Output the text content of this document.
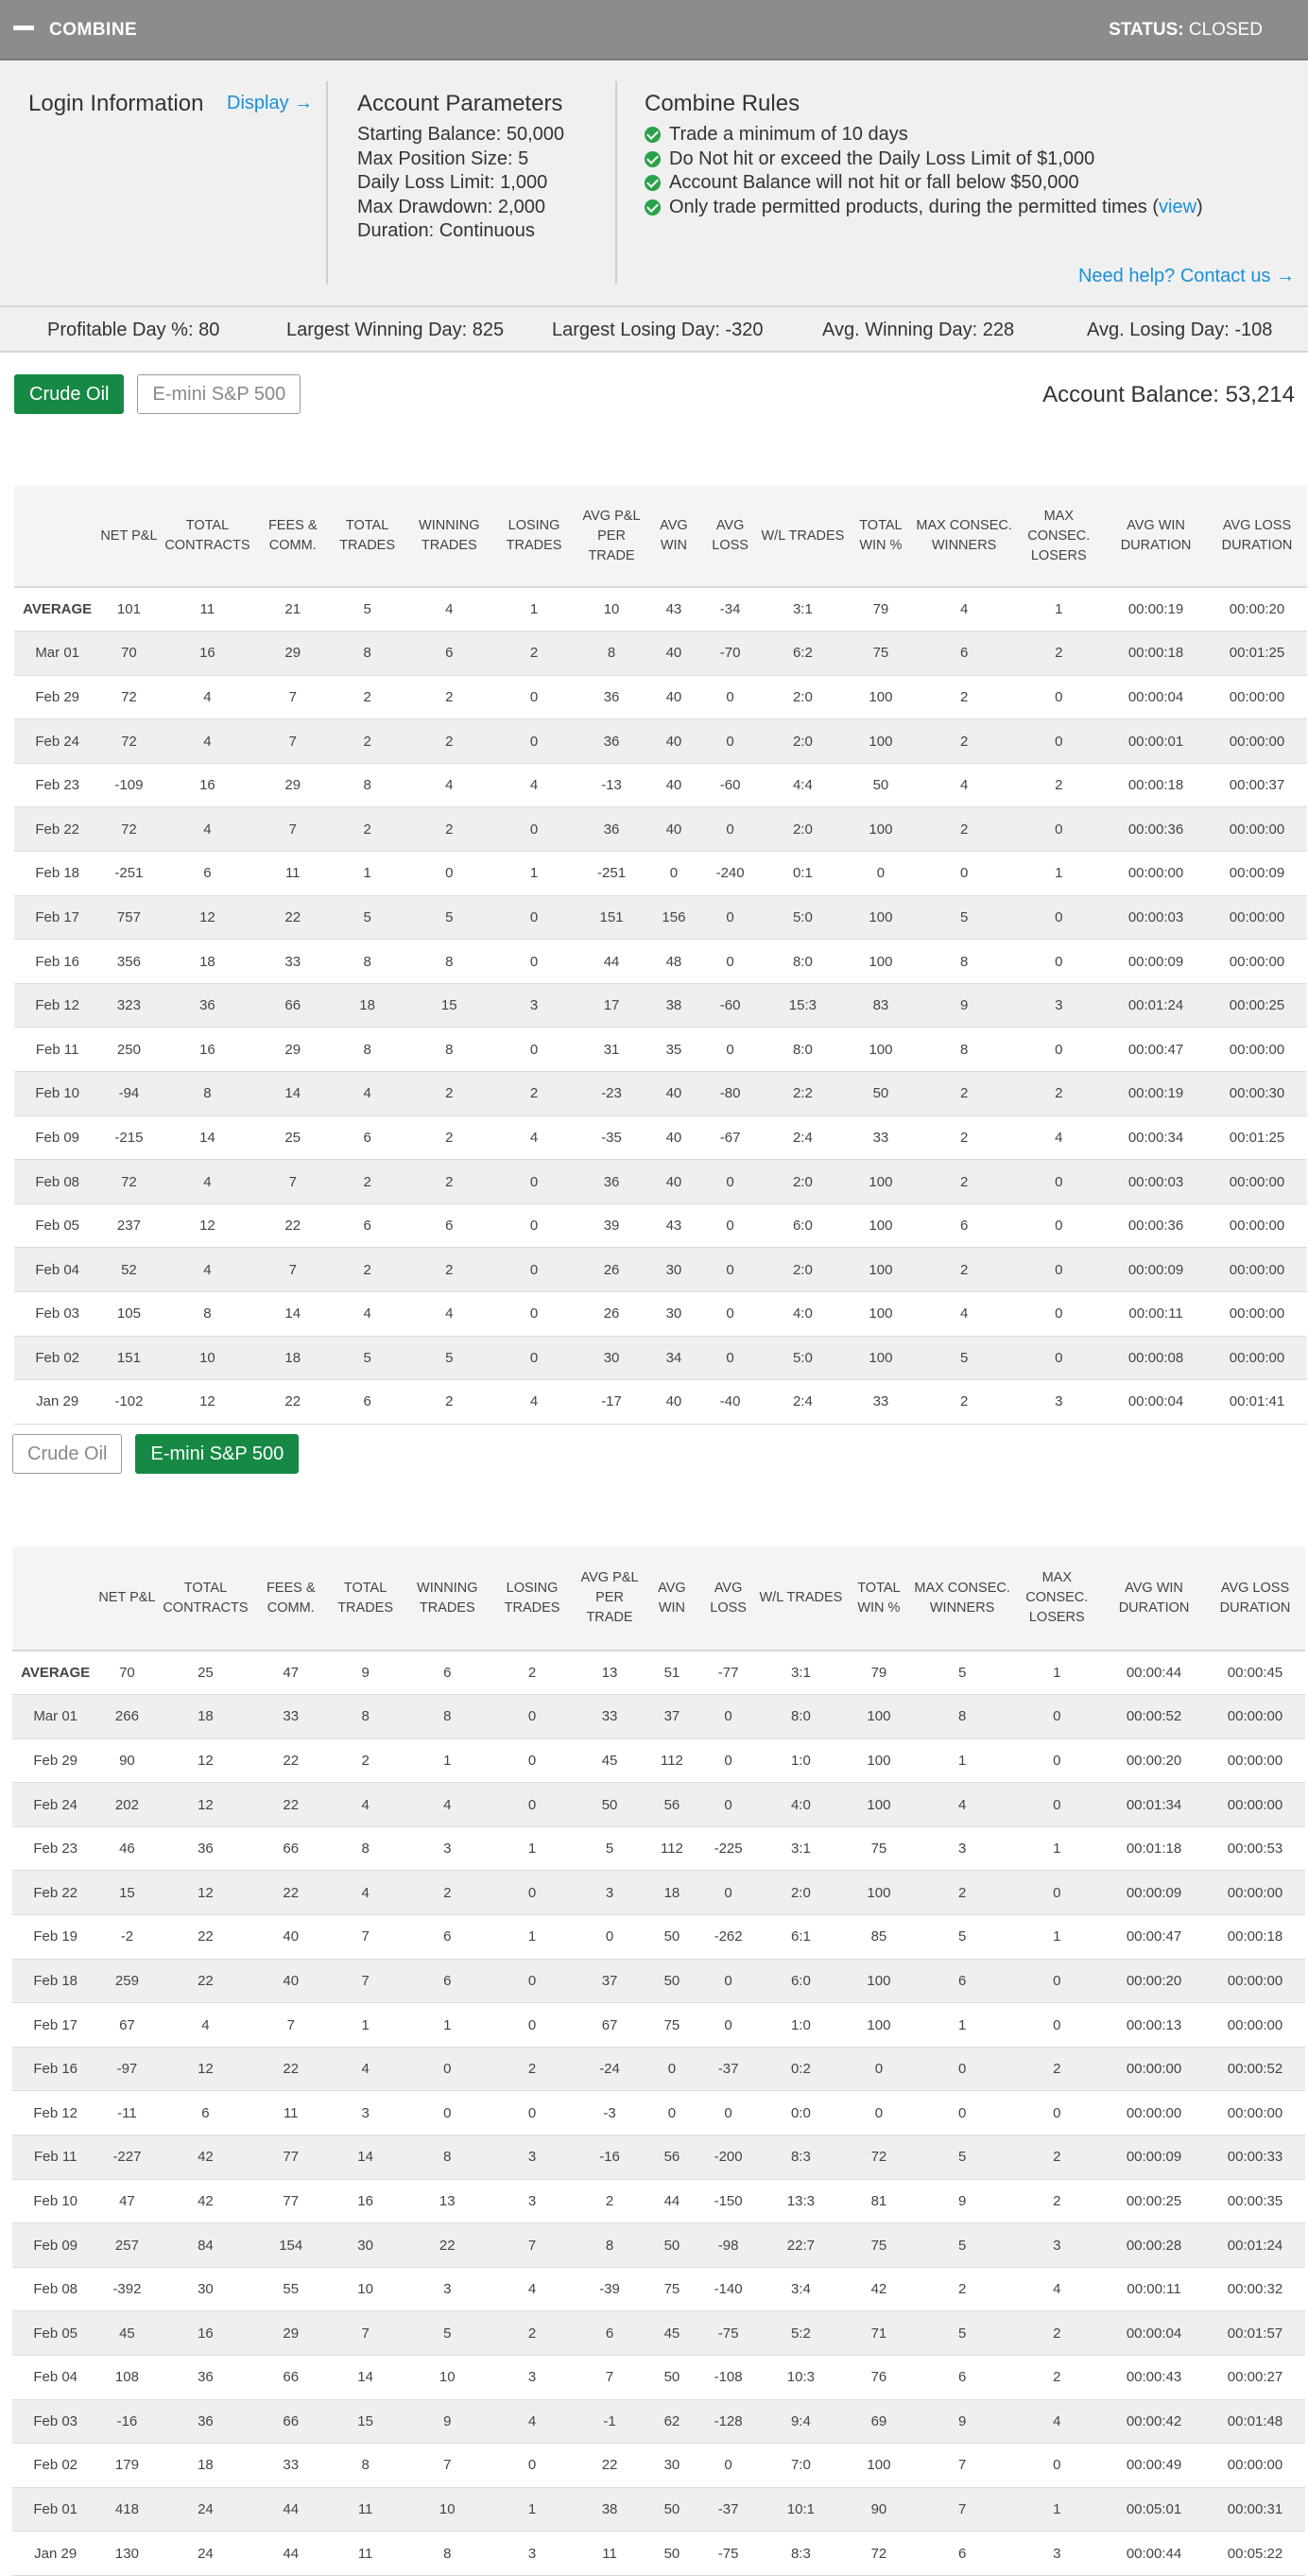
COMBINE	STATUS: CLOSED
Login Information	Display → Account Parameters
Starting Balance: 50,000
Max Position Size: 5
Daily Loss Limit: 1,000
Max Drawdown: 2,000
Duration: Continuous
Combine Rules
Trade a minimum of 10 days
Do Not hit or exceed the Daily Loss Limit of $1,000
Account Balance will not hit or fall below $50,000
Only trade permitted products, during the permitted times ( view )
Need help? Contact us →
Profitable Day %: 80	Largest Winning Day: 825	Largest Losing Day: -320	Avg. Winning Day: 228	Avg. Losing Day: -108
Crude Oil	E-mini S&P 500	Account Balance: 53,214
	NET P&L	TOTAL CONTRACTS	FEES & COMM.	TOTAL TRADES	WINNING TRADES	LOSING TRADES	AVG P&L PER TRADE	AVG WIN	AVG LOSS	W/L TRADES	TOTAL WIN %	MAX CONSEC. WINNERS	MAX CONSEC. LOSERS	AVG WIN DURATION	AVG LOSS DURATION
AVERAGE	101	11	21	5	4	1	10	43	-34	3:1	79	4	1	00:00:19	00:00:20
Mar 01	70	16	29	8	6	2	8	40	-70	6:2	75	6	2	00:00:18	00:01:25
Feb 29	72	4	7	2	2	0	36	40	0	2:0	100	2	0	00:00:04	00:00:00
Feb 24	72	4	7	2	2	0	36	40	0	2:0	100	2	0	00:00:01	00:00:00
Feb 23	-109	16	29	8	4	4	-13	40	-60	4:4	50	4	2	00:00:18	00:00:37
Feb 22	72	4	7	2	2	0	36	40	0	2:0	100	2	0	00:00:36	00:00:00
Feb 18	-251	6	11	1	0	1	-251	0	-240	0:1	0	0	1	00:00:00	00:00:09
Feb 17	757	12	22	5	5	0	151	156	0	5:0	100	5	0	00:00:03	00:00:00
Feb 16	356	18	33	8	8	0	44	48	0	8:0	100	8	0	00:00:09	00:00:00
Feb 12	323	36	66	18	15	3	17	38	-60	15:3	83	9	3	00:01:24	00:00:25
Feb 11	250	16	29	8	8	0	31	35	0	8:0	100	8	0	00:00:47	00:00:00
Feb 10	-94	8	14	4	2	2	-23	40	-80	2:2	50	2	2	00:00:19	00:00:30
Feb 09	-215	14	25	6	2	4	-35	40	-67	2:4	33	2	4	00:00:34	00:01:25
Feb 08	72	4	7	2	2	0	36	40	0	2:0	100	2	0	00:00:03	00:00:00
Feb 05	237	12	22	6	6	0	39	43	0	6:0	100	6	0	00:00:36	00:00:00
Feb 04	52	4	7	2	2	0	26	30	0	2:0	100	2	0	00:00:09	00:00:00
Feb 03	105	8	14	4	4	0	26	30	0	4:0	100	4	0	00:00:11	00:00:00
Feb 02	151	10	18	5	5	0	30	34	0	5:0	100	5	0	00:00:08	00:00:00
Jan 29	-102	12	22	6	2	4	-17	40	-40	2:4	33	2	3	00:00:04	00:01:41
Crude Oil	E-mini S&P 500
	NET P&L	TOTAL CONTRACTS	FEES & COMM.	TOTAL TRADES	WINNING TRADES	LOSING TRADES	AVG P&L PER TRADE	AVG WIN	AVG LOSS	W/L TRADES	TOTAL WIN %	MAX CONSEC. WINNERS	MAX CONSEC. LOSERS	AVG WIN DURATION	AVG LOSS DURATION
AVERAGE	70	25	47	9	6	2	13	51	-77	3:1	79	5	1	00:00:44	00:00:45
Mar 01	266	18	33	8	8	0	33	37	0	8:0	100	8	0	00:00:52	00:00:00
Feb 29	90	12	22	2	1	0	45	112	0	1:0	100	1	0	00:00:20	00:00:00
Feb 24	202	12	22	4	4	0	50	56	0	4:0	100	4	0	00:01:34	00:00:00
Feb 23	46	36	66	8	3	1	5	112	-225	3:1	75	3	1	00:01:18	00:00:53
Feb 22	15	12	22	4	2	0	3	18	0	2:0	100	2	0	00:00:09	00:00:00
Feb 19	-2	22	40	7	6	1	0	50	-262	6:1	85	5	1	00:00:47	00:00:18
Feb 18	259	22	40	7	6	0	37	50	0	6:0	100	6	0	00:00:20	00:00:00
Feb 17	67	4	7	1	1	0	67	75	0	1:0	100	1	0	00:00:13	00:00:00
Feb 16	-97	12	22	4	0	2	-24	0	-37	0:2	0	0	2	00:00:00	00:00:52
Feb 12	-11	6	11	3	0	0	-3	0	0	0:0	0	0	0	00:00:00	00:00:00
Feb 11	-227	42	77	14	8	3	-16	56	-200	8:3	72	5	2	00:00:09	00:00:33
Feb 10	47	42	77	16	13	3	2	44	-150	13:3	81	9	2	00:00:25	00:00:35
Feb 09	257	84	154	30	22	7	8	50	-98	22:7	75	5	3	00:00:28	00:01:24
Feb 08	-392	30	55	10	3	4	-39	75	-140	3:4	42	2	4	00:00:11	00:00:32
Feb 05	45	16	29	7	5	2	6	45	-75	5:2	71	5	2	00:00:04	00:01:57
Feb 04	108	36	66	14	10	3	7	50	-108	10:3	76	6	2	00:00:43	00:00:27
Feb 03	-16	36	66	15	9	4	-1	62	-128	9:4	69	9	4	00:00:42	00:01:48
Feb 02	179	18	33	8	7	0	22	30	0	7:0	100	7	0	00:00:49	00:00:00
Feb 01	418	24	44	11	10	1	38	50	-37	10:1	90	7	1	00:05:01	00:00:31
Jan 29	130	24	44	11	8	3	11	50	-75	8:3	72	6	3	00:00:44	00:05:22
